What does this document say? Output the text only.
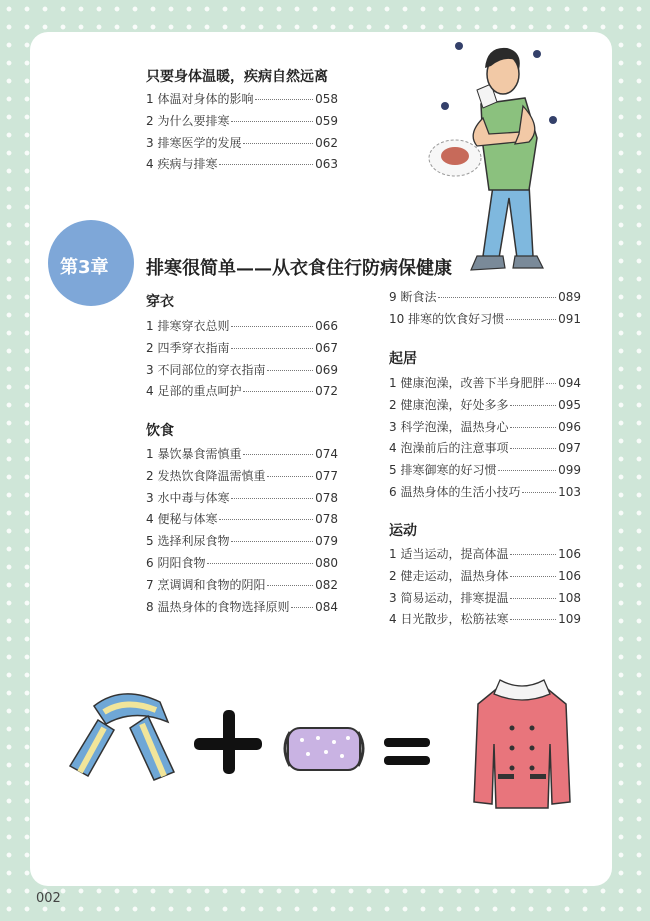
只要身体温暖，疾病自然远离
1 体温对身体的影响	058
2 为什么要排寒	059
3 排寒医学的发展	062
4 疾病与排寒	063
第3章 排寒很简单——从衣食住行防病保健康
穿衣
1 排寒穿衣总则	066
2 四季穿衣指南	067
3 不同部位的穿衣指南	069
4 足部的重点呵护	072
饮食
1 暴饮暴食需慎重	074
2 发热饮食降温需慎重	077
3 水中毒与体寒	078
4 便秘与体寒	078
5 选择利尿食物	079
6 阴阳食物	080
7 烹调调和食物的阴阳	082
8 温热身体的食物选择原则 084
9 断食法	089
10 排寒的饮食好习惯	091
起居
1 健康泡澡，改善下半身肥胖 094
2 健康泡澡，好处多多	095
3 科学泡澡，温热身心	096
4 泡澡前后的注意事项	097
5 排寒御寒的好习惯	099
6 温热身体的生活小技巧	103
运动
1 适当运动，提高体温	106
2 健走运动，温热身体	106
3 简易运动，排寒提温	108
4 日光散步，松筋祛寒	109
002
